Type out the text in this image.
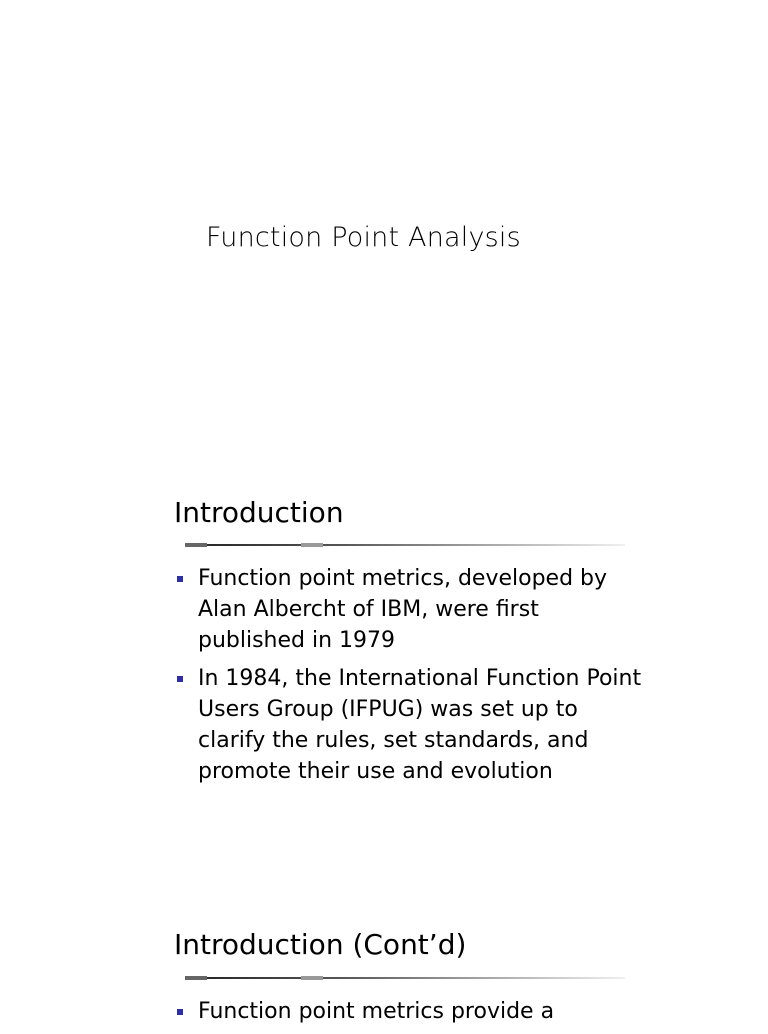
Function Point Analysis
Introduction
Function point metrics, developed by Alan Albercht of IBM, were first published in 1979
In 1984, the International Function Point Users Group (IFPUG) was set up to clarify the rules, set standards, and promote their use and evolution
Introduction (Cont’d)
Function point metrics provide a
